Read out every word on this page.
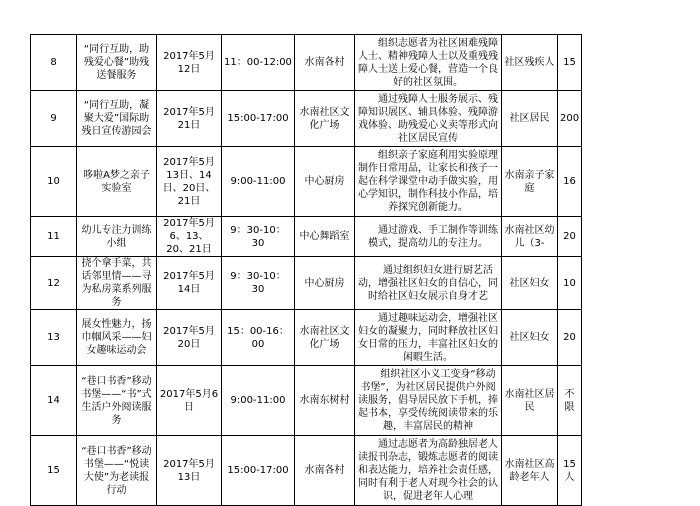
8	“同行互助，助残爱心餐”助残送餐服务	2017年5月12日	11：00-12:00	水南各村	组织志愿者为社区困难残障人士、精神残障人士以及重残残障人士送上爱心餐，营造一个良好的社区氛围。	社区残疾人	15
9	“同行互助，凝聚大爱”国际助残日宣传游园会	2017年5月21日	15:00-17:00	水南社区文化广场	通过残障人士服务展示、残障知识展区、辅具体验、残障游戏体验、助残爱心义卖等形式向社区居民宣传	社区居民	200
10	哆啦A梦之亲子实验室	2017年5月13日、14日、20日、21日	9:00-11:00	中心厨房	组织亲子家庭利用实验原理制作日常用品，让家长和孩子一起在科学课堂中动手做实验，用心学知识，制作科技小作品，培养探究创新能力。	水南亲子家庭	16
11	幼儿专注力训练小组	2017年5月6、13、20、21日	9：30-10：30	中心舞蹈室	通过游戏、手工制作等训练模式，提高幼儿的专注力。	水南社区幼儿（3-	20
12	挠个拿手菜，共话邻里情——寻为私房菜系列服务	2017年5月14日	9：30-10：30	中心厨房	通过组织妇女进行厨艺活动，增强社区妇女的自信心，同时给社区妇女展示自身才艺	社区妇女	10
13	展女性魅力，扬巾帼风采——妇女趣味运动会	2017年5月20日	15：00-16：00	水南社区文化广场	通过趣味运动会，增强社区妇女的凝聚力，同时释放社区妇女日常的压力，丰富社区妇女的闲暇生活。	社区妇女	20
14	“巷口书香”移动书堡——“书”式生活户外阅读服务	2017年5月6日	9:00-11:00	水南东树村	组织社区小义工变身“移动书堡”，为社区居民提供户外阅读服务，倡导居民放下手机，捧起书本，享受传统阅读带来的乐趣，丰富居民的精神	水南社区居民	不限
15	“巷口书香”移动书堡——“悦读大使”为老读报行动	2017年5月13日	15:00-17:00	水南各村	通过志愿者为高龄独居老人读报刊杂志，锻炼志愿者的阅读和表达能力，培养社会责任感，同时有利于老人对现今社会的认识，促进老年人心理	水南社区高龄老年人	15人
